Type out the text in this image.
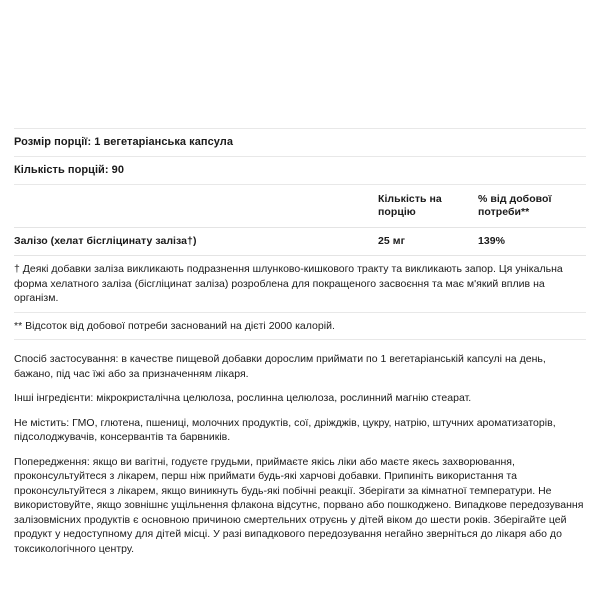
Розмір порції: 1 вегетаріанська капсула
Кількість порцій: 90
	Кількість на порцію	% від добової потреби**
Залізо (хелат бісгліцинату заліза†)	25 мг	139%
† Деякі добавки заліза викликають подразнення шлунково-кишкового тракту та викликають запор. Ця унікальна форма хелатного заліза (бісгліцинат заліза) розроблена для покращеного засвоєння та має м'який вплив на організм.
** Відсоток від добової потреби заснований на дієті 2000 калорій.
Спосіб застосування: в качестве пищевой добавки дорослим приймати по 1 вегетаріанській капсулі на день, бажано, під час їжі або за призначенням лікаря.
Інші інгредієнти: мікрокристалічна целюлоза, рослинна целюлоза, рослинний магнію стеарат.
Не містить: ГМО, глютена, пшениці, молочних продуктів, сої, дріжджів, цукру, натрію, штучних ароматизаторів, підсолоджувачів, консервантів та барвників.
Попередження: якщо ви вагітні, годуєте грудьми, приймаєте якісь ліки або маєте якесь захворювання, проконсультуйтеся з лікарем, перш ніж приймати будь-які харчові добавки. Припиніть використання та проконсультуйтеся з лікарем, якщо виникнуть будь-які побічні реакції. Зберігати за кімнатної температури. Не використовуйте, якщо зовнішнє ущільнення флакона відсутнє, порвано або пошкоджено. Випадкове передозування залізовмісних продуктів є основною причиною смертельних отруєнь у дітей віком до шести років. Зберігайте цей продукт у недоступному для дітей місці. У разі випадкового передозування негайно зверніться до лікаря або до токсикологічного центру.
